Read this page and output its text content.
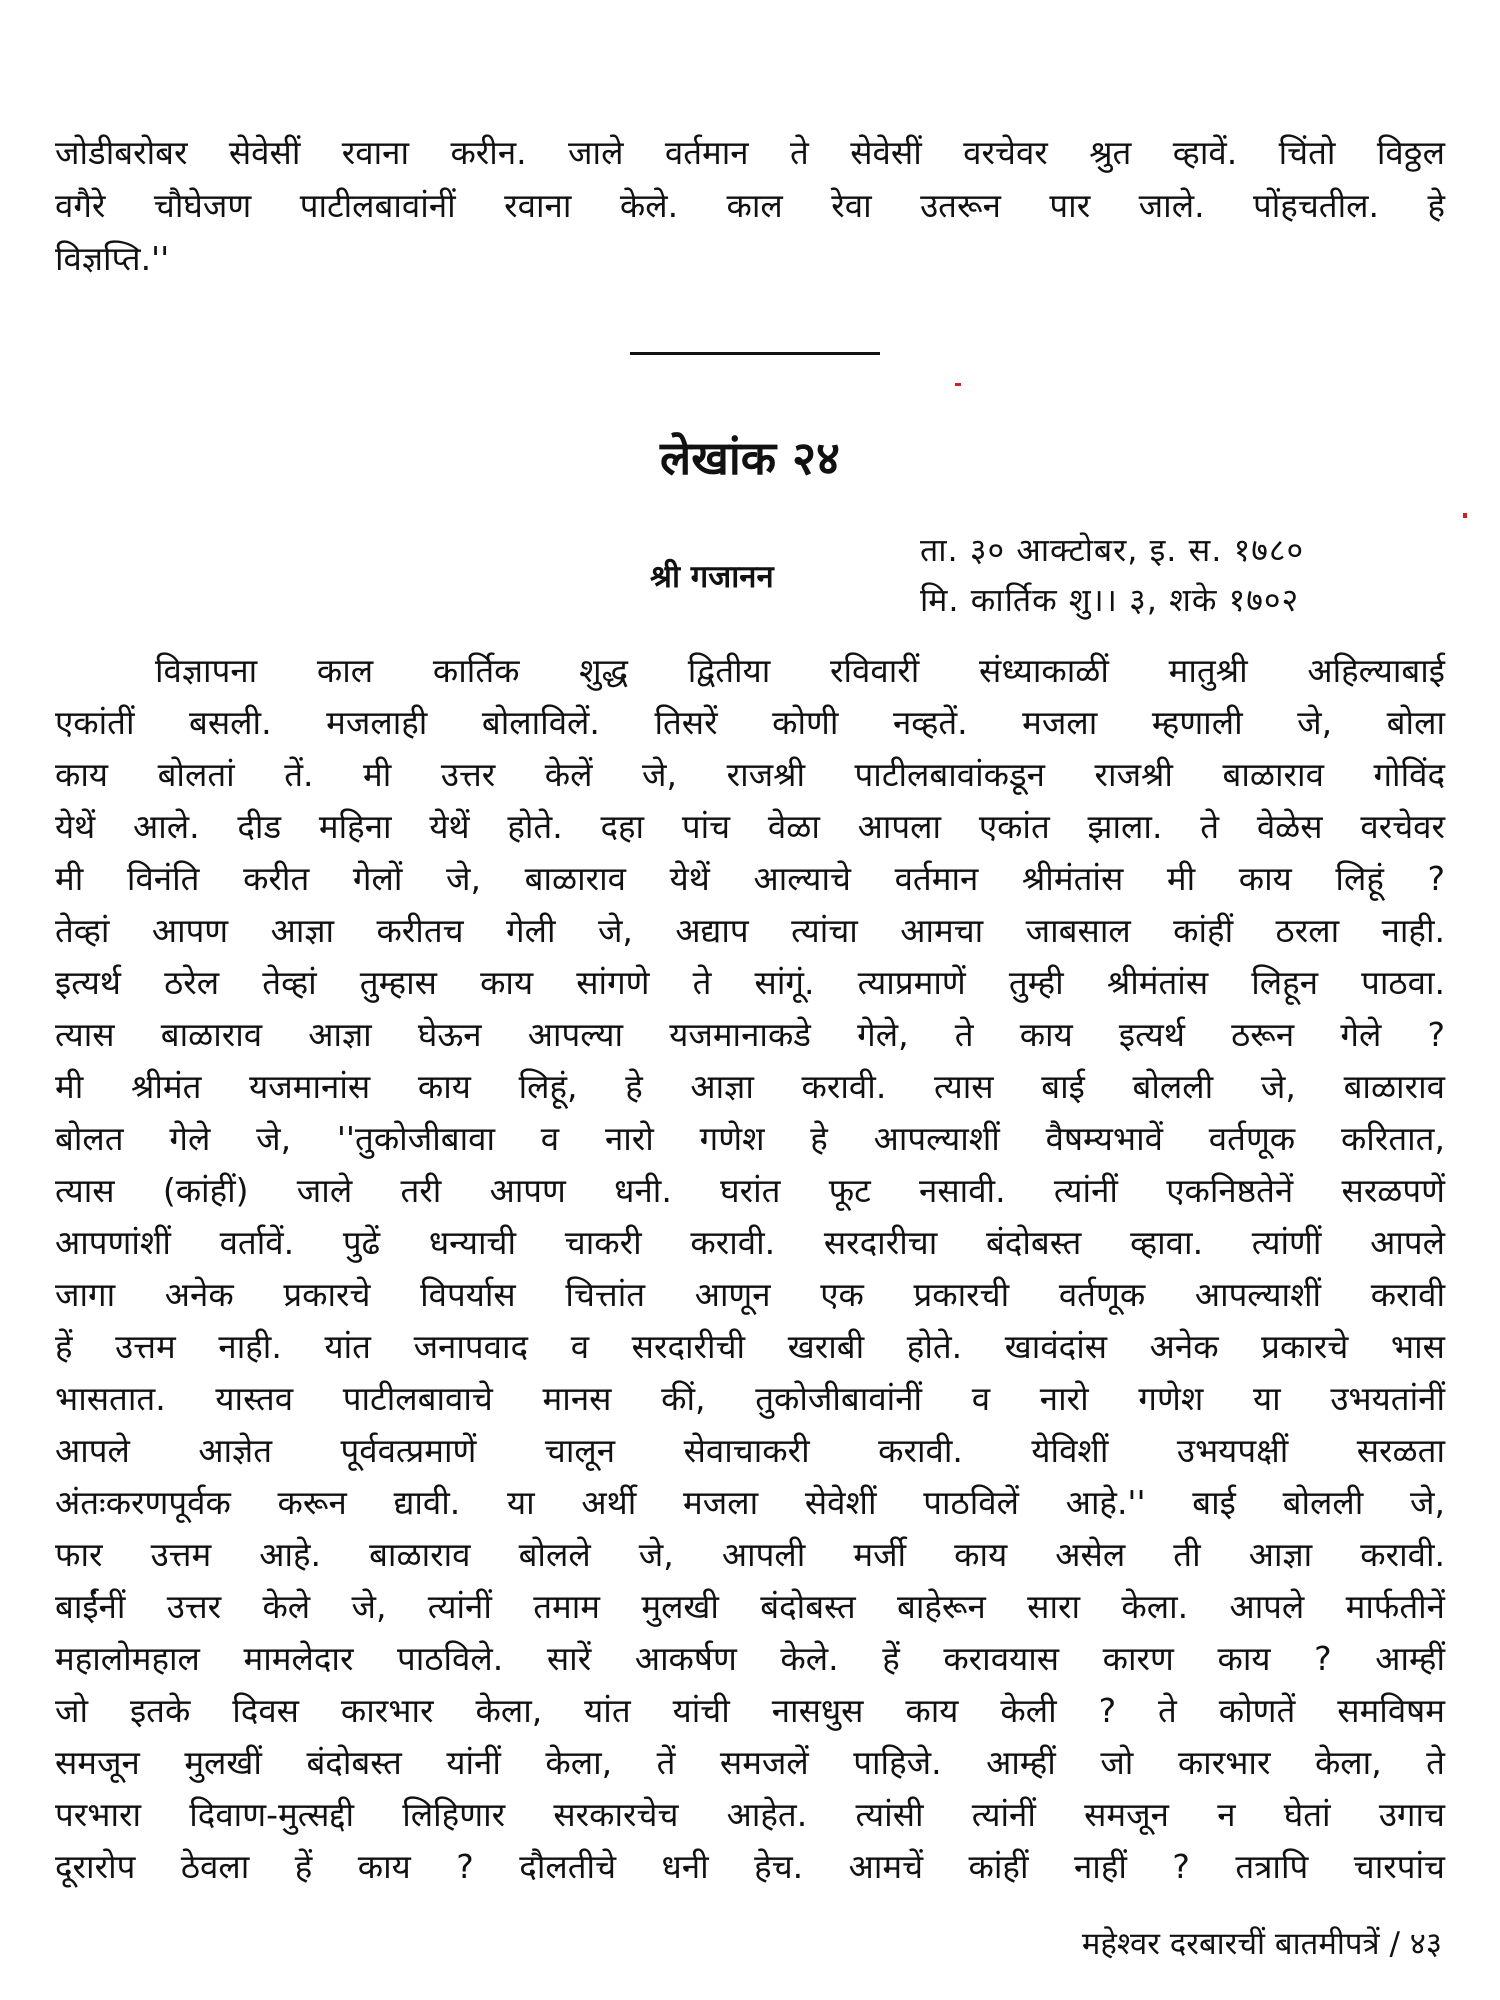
जोडीबरोबर सेवेसीं रवाना करीन. जाले वर्तमान ते सेवेसीं वरचेवर श्रुत व्हावें. चिंतो विठ्ठल
वगैरे चौघेजण पाटीलबावांनीं रवाना केले. काल रेवा उतरून पार जाले. पोंहचतील. हे
विज्ञप्ति.''
लेखांक २४
ता. ३० आक्टोबर, इ. स. १७८०
श्री गजानन
मि. कार्तिक शु।। ३, शके १७०२
विज्ञापना काल कार्तिक शुद्ध द्वितीया रविवारीं संध्याकाळीं मातुश्री अहिल्याबाई
एकांतीं बसली. मजलाही बोलाविलें. तिसरें कोणी नव्हतें. मजला म्हणाली जे, बोला
काय बोलतां तें. मी उत्तर केलें जे, राजश्री पाटीलबावांकडून राजश्री बाळाराव गोविंद
येथें आले. दीड महिना येथें होते. दहा पांच वेळा आपला एकांत झाला. ते वेळेस वरचेवर
मी विनंति करीत गेलों जे, बाळाराव येथें आल्याचे वर्तमान श्रीमंतांस मी काय लिहूं ?
तेव्हां आपण आज्ञा करीतच गेली जे, अद्याप त्यांचा आमचा जाबसाल कांहीं ठरला नाही.
इत्यर्थ ठरेल तेव्हां तुम्हास काय सांगणे ते सांगूं. त्याप्रमाणें तुम्ही श्रीमंतांस लिहून पाठवा.
त्यास बाळाराव आज्ञा घेऊन आपल्या यजमानाकडे गेले, ते काय इत्यर्थ ठरून गेले ?
मी श्रीमंत यजमानांस काय लिहूं, हे आज्ञा करावी. त्यास बाई बोलली जे, बाळाराव
बोलत गेले जे, ''तुकोजीबावा व नारो गणेश हे आपल्याशीं वैषम्यभावें वर्तणूक करितात,
त्यास (कांहीं) जाले तरी आपण धनी. घरांत फूट नसावी. त्यांनीं एकनिष्ठतेनें सरळपणें
आपणांशीं वर्तावें. पुढें धन्याची चाकरी करावी. सरदारीचा बंदोबस्त व्हावा. त्यांणीं आपले
जागा अनेक प्रकारचे विपर्यास चित्तांत आणून एक प्रकारची वर्तणूक आपल्याशीं करावी
हें उत्तम नाही. यांत जनापवाद व सरदारीची खराबी होते. खावंदांस अनेक प्रकारचे भास
भासतात. यास्तव पाटीलबावाचे मानस कीं, तुकोजीबावांनीं व नारो गणेश या उभयतांनीं
आपले आज्ञेत पूर्ववत्प्रमाणें चालून सेवाचाकरी करावी. येविशीं उभयपक्षीं सरळता
अंतःकरणपूर्वक करून द्यावी. या अर्थी मजला सेवेशीं पाठविलें आहे.'' बाई बोलली जे,
फार उत्तम आहे. बाळाराव बोलले जे, आपली मर्जी काय असेल ती आज्ञा करावी.
बाईंनीं उत्तर केले जे, त्यांनीं तमाम मुलखी बंदोबस्त बाहेरून सारा केला. आपले मार्फतीनें
महालोमहाल मामलेदार पाठविले. सारें आकर्षण केले. हें करावयास कारण काय ? आम्हीं
जो इतके दिवस कारभार केला, यांत यांची नासधुस काय केली ? ते कोणतें समविषम
समजून मुलखीं बंदोबस्त यांनीं केला, तें समजलें पाहिजे. आम्हीं जो कारभार केला, ते
परभारा दिवाण-मुत्सद्दी लिहिणार सरकारचेच आहेत. त्यांसी त्यांनीं समजून न घेतां उगाच
दूरारोप ठेवला हें काय ? दौलतीचे धनी हेच. आमचें कांहीं नाहीं ? तत्रापि चारपांच
महेश्वर दरबारचीं बातमीपत्रें / ४३
